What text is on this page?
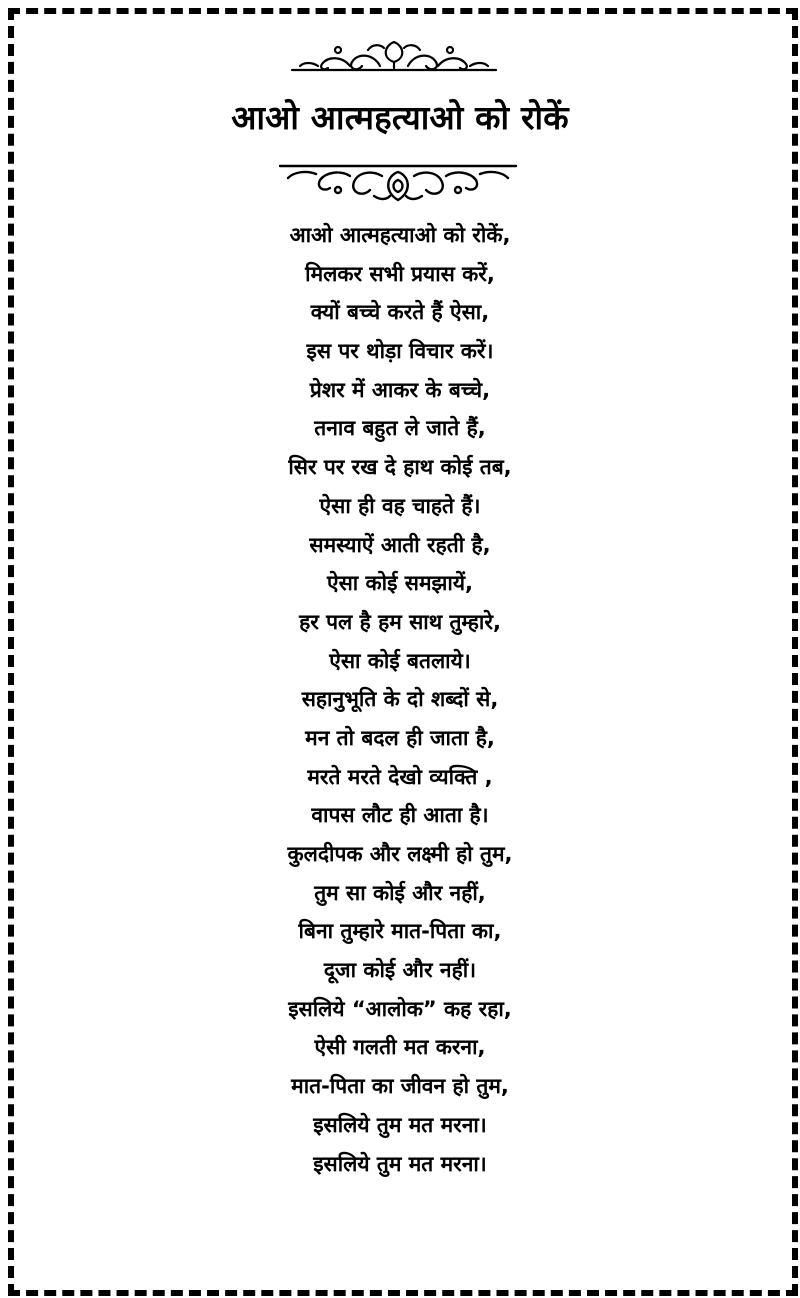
आओ आत्महत्याओ को रोकें
आओ आत्महत्याओ को रोकें,
मिलकर सभी प्रयास करें,
क्यों बच्चे करते हैं ऐसा,
इस पर थोड़ा विचार करें।
प्रेशर में आकर के बच्चे,
तनाव बहुत ले जाते हैं,
सिर पर रख दे हाथ कोई तब,
ऐसा ही वह चाहते हैं।
समस्याऐं आती रहती है,
ऐसा कोई समझायें,
हर पल है हम साथ तुम्हारे,
ऐसा कोई बतलाये।
सहानुभूति के दो शब्दों से,
मन तो बदल ही जाता है,
मरते मरते देखो व्यक्ति ,
वापस लौट ही आता है।
कुलदीपक और लक्ष्मी हो तुम,
तुम सा कोई और नहीं,
बिना तुम्हारे मात-पिता का,
दूजा कोई और नहीं।
इसलिये “आलोक” कह रहा,
ऐसी गलती मत करना,
मात-पिता का जीवन हो तुम,
इसलिये तुम मत मरना।
इसलिये तुम मत मरना।
